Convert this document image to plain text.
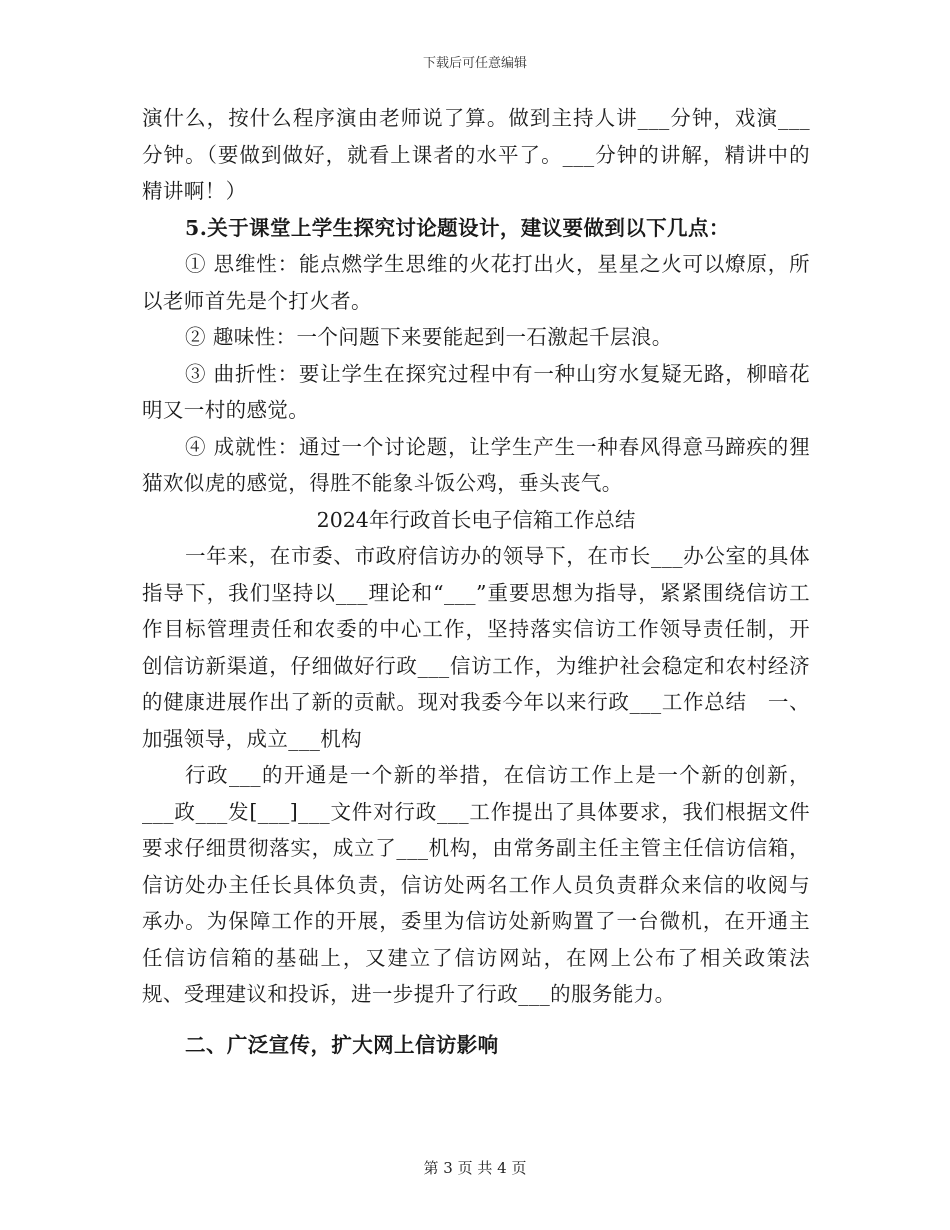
下载后可任意编辑

演什么，按什么程序演由老师说了算。做到主持人讲___分钟，戏演___分钟。（要做到做好，就看上课者的水平了。___分钟的讲解，精讲中的精讲啊！）

5.关于课堂上学生探究讨论题设计，建议要做到以下几点：

① 思维性：能点燃学生思维的火花打出火，星星之火可以燎原，所以老师首先是个打火者。

② 趣味性：一个问题下来要能起到一石激起千层浪。

③ 曲折性：要让学生在探究过程中有一种山穷水复疑无路，柳暗花明又一村的感觉。

④ 成就性：通过一个讨论题，让学生产生一种春风得意马蹄疾的狸猫欢似虎的感觉，得胜不能象斗饭公鸡，垂头丧气。

2024年行政首长电子信箱工作总结

一年来，在市委、市政府信访办的领导下，在市长___办公室的具体指导下，我们坚持以___理论和“___”重要思想为指导，紧紧围绕信访工作目标管理责任和农委的中心工作，坚持落实信访工作领导责任制，开创信访新渠道，仔细做好行政___信访工作，为维护社会稳定和农村经济的健康进展作出了新的贡献。现对我委今年以来行政___工作总结　一、加强领导，成立___机构

行政___的开通是一个新的举措，在信访工作上是一个新的创新，___政___发[___]___文件对行政___工作提出了具体要求，我们根据文件要求仔细贯彻落实，成立了___机构，由常务副主任主管主任信访信箱，信访处办主任长具体负责，信访处两名工作人员负责群众来信的收阅与承办。为保障工作的开展，委里为信访处新购置了一台微机，在开通主任信访信箱的基础上，又建立了信访网站，在网上公布了相关政策法规、受理建议和投诉，进一步提升了行政___的服务能力。

二、广泛宣传，扩大网上信访影响

第 3 页 共 4 页
